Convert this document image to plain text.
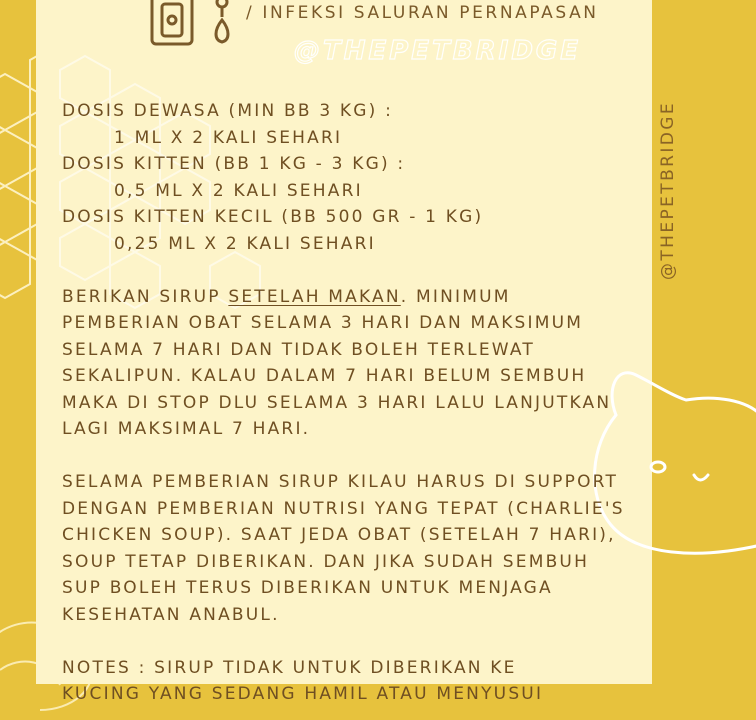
/ INFEKSI SALURAN PERNAPASAN
@THEPETBRIDGE
@THEPETBRIDGE
DOSIS DEWASA (MIN BB 3 KG) :
1 ML X 2 KALI SEHARI
DOSIS KITTEN (BB 1 KG - 3 KG) :
0,5 ML X 2 KALI SEHARI
DOSIS KITTEN KECIL (BB 500 GR - 1 KG)
0,25 ML X 2 KALI SEHARI
BERIKAN SIRUP SETELAH MAKAN. MINIMUM
PEMBERIAN OBAT SELAMA 3 HARI DAN MAKSIMUM
SELAMA 7 HARI DAN TIDAK BOLEH TERLEWAT
SEKALIPUN. KALAU DALAM 7 HARI BELUM SEMBUH
MAKA DI STOP DLU SELAMA 3 HARI LALU LANJUTKAN
LAGI MAKSIMAL 7 HARI.
SELAMA PEMBERIAN SIRUP KILAU HARUS DI SUPPORT
DENGAN PEMBERIAN NUTRISI YANG TEPAT (CHARLIE'S
CHICKEN SOUP). SAAT JEDA OBAT (SETELAH 7 HARI),
SOUP TETAP DIBERIKAN. DAN JIKA SUDAH SEMBUH
SUP BOLEH TERUS DIBERIKAN UNTUK MENJAGA
KESEHATAN ANABUL.
NOTES : SIRUP TIDAK UNTUK DIBERIKAN KE
KUCING YANG SEDANG HAMIL ATAU MENYUSUI
